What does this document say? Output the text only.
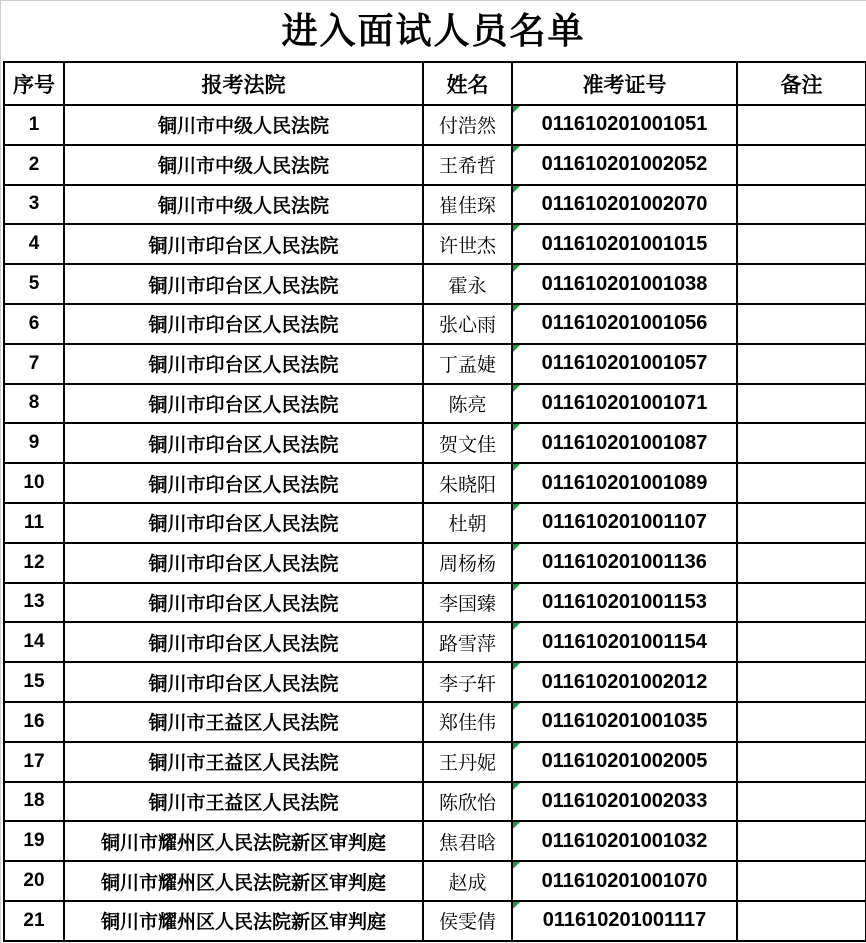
进入面试人员名单
序号	报考法院	姓名	准考证号	备注
1	铜川市中级人民法院	付浩然	011610201001051	
2	铜川市中级人民法院	王希哲	011610201002052	
3	铜川市中级人民法院	崔佳琛	011610201002070	
4	铜川市印台区人民法院	许世杰	011610201001015	
5	铜川市印台区人民法院	霍永	011610201001038	
6	铜川市印台区人民法院	张心雨	011610201001056	
7	铜川市印台区人民法院	丁孟婕	011610201001057	
8	铜川市印台区人民法院	陈亮	011610201001071	
9	铜川市印台区人民法院	贺文佳	011610201001087	
10	铜川市印台区人民法院	朱晓阳	011610201001089	
11	铜川市印台区人民法院	杜朝	011610201001107	
12	铜川市印台区人民法院	周杨杨	011610201001136	
13	铜川市印台区人民法院	李国臻	011610201001153	
14	铜川市印台区人民法院	路雪萍	011610201001154	
15	铜川市印台区人民法院	李子轩	011610201002012	
16	铜川市王益区人民法院	郑佳伟	011610201001035	
17	铜川市王益区人民法院	王丹妮	011610201002005	
18	铜川市王益区人民法院	陈欣怡	011610201002033	
19	铜川市耀州区人民法院新区审判庭	焦君晗	011610201001032	
20	铜川市耀州区人民法院新区审判庭	赵成	011610201001070	
21	铜川市耀州区人民法院新区审判庭	侯雯倩	011610201001117	
